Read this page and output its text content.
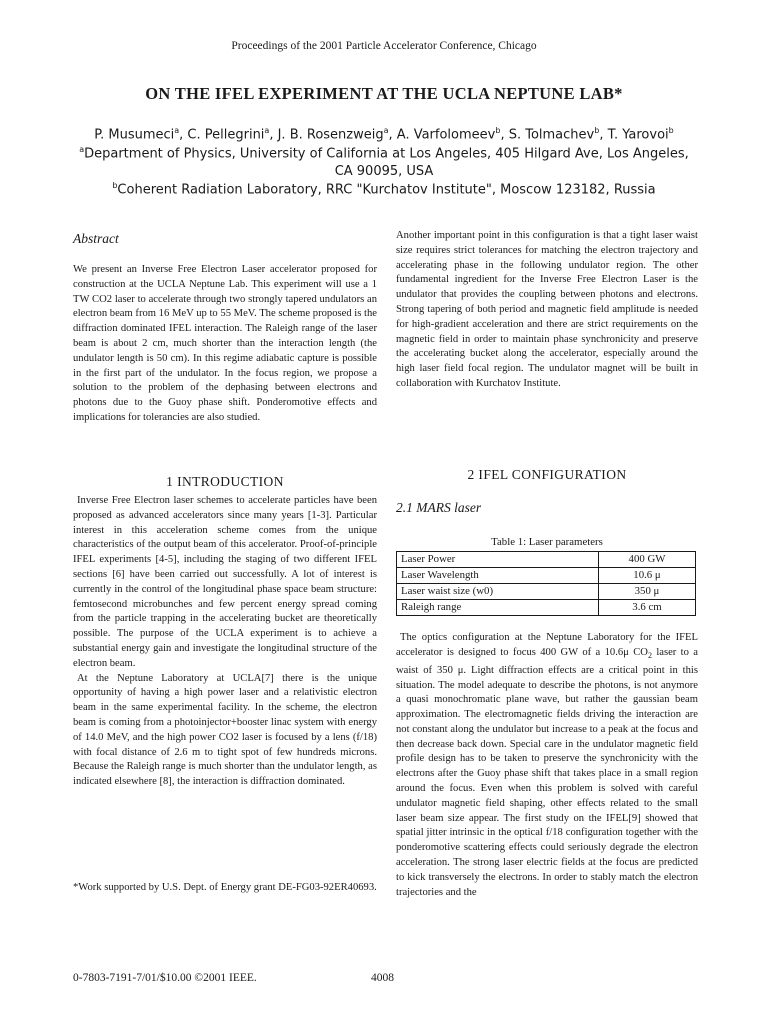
Proceedings of the 2001 Particle Accelerator Conference, Chicago
ON THE IFEL EXPERIMENT AT THE UCLA NEPTUNE LAB*
P. Musumeci$^a$, C. Pellegrini$^a$, J. B. Rosenzweig$^a$, A. Varfolomeev$^b$, S. Tolmachev$^b$, T. Yarovoi$^b$
$^a$Department of Physics, University of California at Los Angeles, 405 Hilgard Ave, Los Angeles, CA 90095, USA
$^b$Coherent Radiation Laboratory, RRC "Kurchatov Institute", Moscow 123182, Russia
Abstract

We present an Inverse Free Electron Laser accelerator proposed for construction at the UCLA Neptune Lab. This experiment will use a 1 TW CO2 laser to accelerate through two strongly tapered undulators an electron beam from 16 MeV up to 55 MeV. The scheme proposed is the diffraction dominated IFEL interaction. The Raleigh range of the laser beam is about 2 cm, much shorter than the interaction length (the undulator length is 50 cm). In this regime adiabatic capture is possible in the first part of the undulator. In the focus region, we propose a solution to the problem of the dephasing between electrons and photons due to the Guoy phase shift. Ponderomotive effects and implications for tolerancies are also studied.

1 INTRODUCTION

Inverse Free Electron laser schemes to accelerate particles have been proposed as advanced accelerators since many years [1-3]. Particular interest in this acceleration scheme comes from the unique characteristics of the output beam of this accelerator. Proof-of-principle IFEL experiments [4-5], including the staging of two different IFEL sections [6] have been carried out successfully. A lot of interest is currently in the control of the longitudinal phase space beam structure: femtosecond microbunches and few percent energy spread coming from the particle trapping in the accelerating bucket are theoretically possible. The purpose of the UCLA experiment is to achieve a substantial energy gain and investigate the longitudinal structure of the electron beam.

At the Neptune Laboratory at UCLA[7] there is the unique opportunity of having a high power laser and a relativistic electron beam in the same experimental facility. In the scheme, the electron beam is coming from a photoinjector+booster linac system with energy of 14.0 MeV, and the high power CO2 laser is focused by a lens (f/18) with focal distance of 2.6 m to tight spot of few hundreds microns. Because the Raleigh range is much shorter than the undulator length, as indicated elsewhere [8], the interaction is diffraction dominated.

*Work supported by U.S. Dept. of Energy grant DE-FG03-92ER40693.

Another important point in this configuration is that a tight laser waist size requires strict tolerances for matching the electron trajectory and accelerating phase in the following undulator region. The other fundamental ingredient for the Inverse Free Electron Laser is the undulator that provides the coupling between photons and electrons. Strong tapering of both period and magnetic field amplitude is needed for high-gradient acceleration and there are strict requirements on the magnetic field in order to maintain phase synchronicity and preserve the accelerating bucket along the accelerator, especially around the high laser field focal region. The undulator magnet will be built in collaboration with Kurchatov Institute.

2 IFEL CONFIGURATION
2.1 MARS laser
Table 1: Laser parameters
Laser Power	400 GW
Laser Wavelength	10.6 μ
Laser waist size (w0)	350 μ
Raleigh range	3.6 cm

The optics configuration at the Neptune Laboratory for the IFEL accelerator is designed to focus 400 GW of a 10.6μ $CO_2$ laser to a waist of 350 μ. Light diffraction effects are a critical point in this situation. The model adequate to describe the photons, is not anymore a quasi monochromatic plane wave, but rather the gaussian beam approximation. The electromagnetic fields driving the interaction are not constant along the undulator but increase to a peak at the focus and then decrease back down. Special care in the undulator magnetic field profile design has to be taken to preserve the synchronicity with the electrons after the Guoy phase shift that takes place in a small region around the focus. Even when this problem is solved with careful undulator magnetic field shaping, other effects related to the small laser beam size appear. The first study on the IFEL[9] showed that spatial jitter intrinsic in the optical f/18 configuration together with the ponderomotive scattering effects could seriously degrade the electron acceleration. The strong laser electric fields at the focus are predicted to kick transversely the electrons. In order to stably match the electron trajectories and the

0-7803-7191-7/01/$10.00 ©2001 IEEE.	4008
